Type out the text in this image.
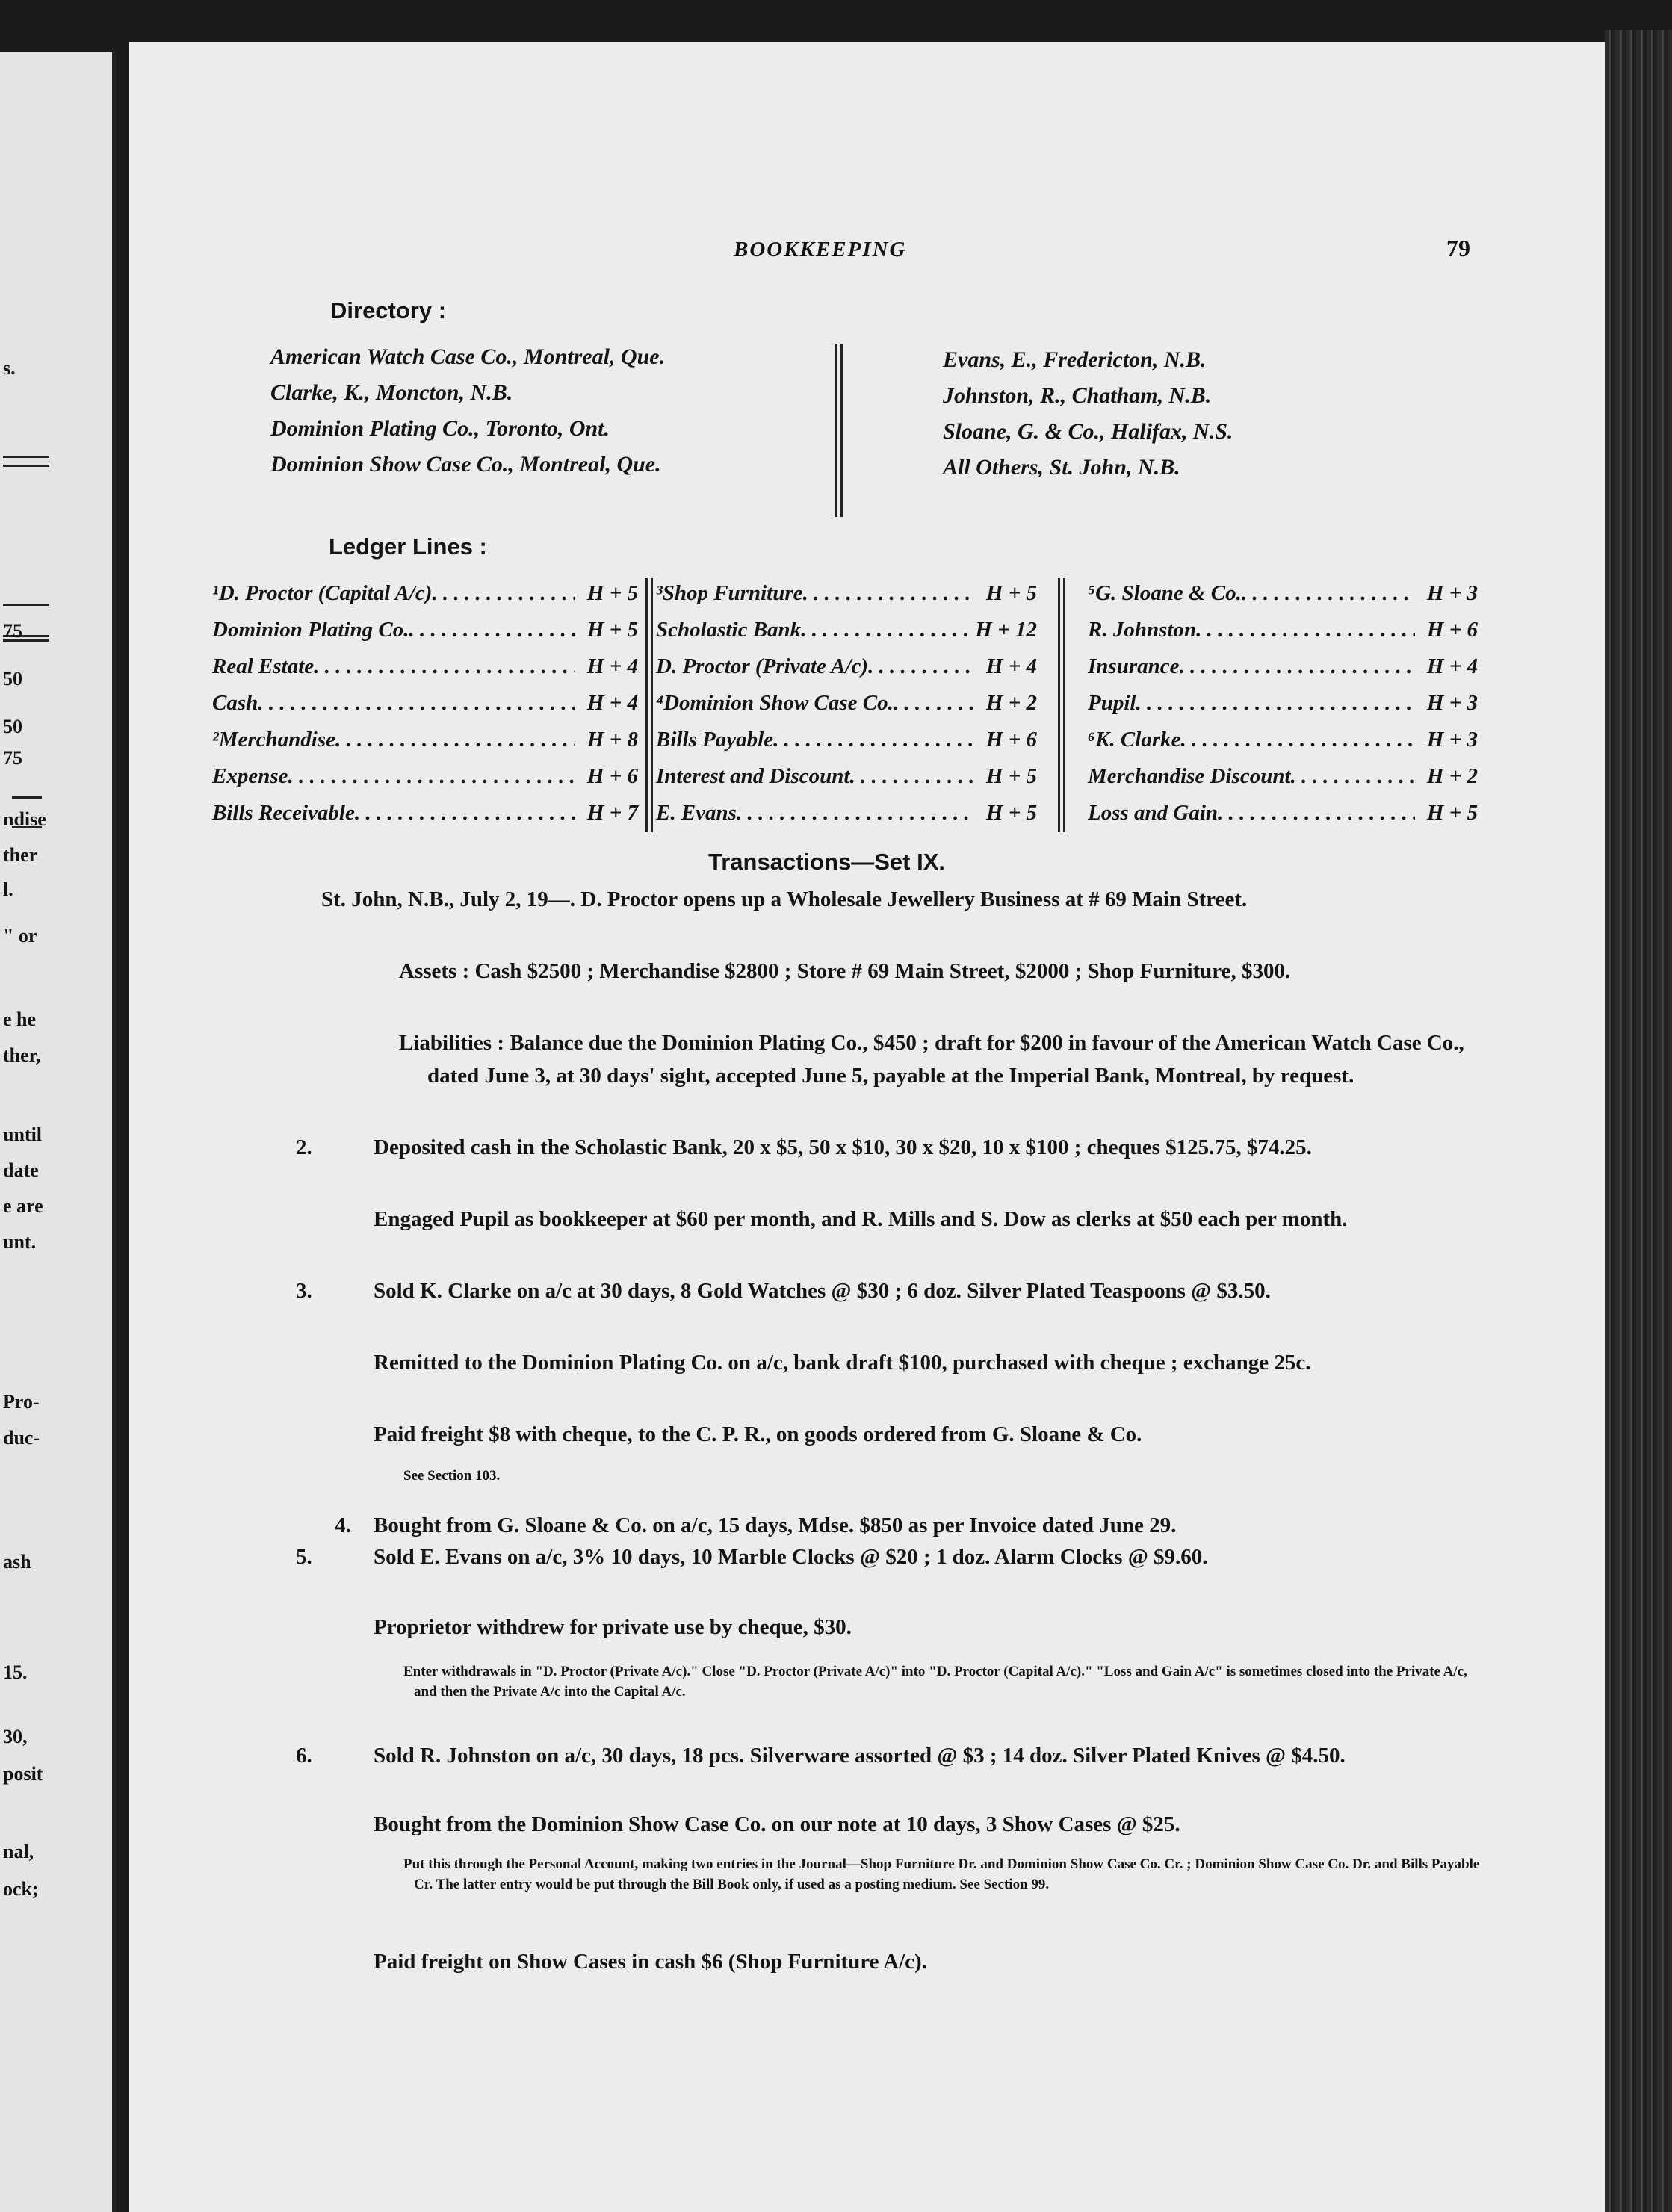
s.
75
50
50
75
ndise
ther
l.
" or
e he
ther,
until
date
e are
unt.
Pro-
duc-
ash
15.
30,
posit
nal,
ock;
BOOKKEEPING	79
Directory :
American Watch Case Co., Montreal, Que.
Clarke, K., Moncton, N.B.
Dominion Plating Co., Toronto, Ont.
Dominion Show Case Co., Montreal, Que.
Evans, E., Fredericton, N.B.
Johnston, R., Chatham, N.B.
Sloane, G. & Co., Halifax, N.S.
All Others, St. John, N.B.
Ledger Lines :
¹D. Proctor (Capital A/c) . . .	H + 5
Dominion Plating Co. . . .	H + 5
Real Estate . . .	H + 4
Cash . . .	H + 4
²Merchandise . . .	H + 8
Expense . . .	H + 6
Bills Receivable . . .	H + 7
³Shop Furniture . . .	H + 5
Scholastic Bank . . .	H + 12
D. Proctor (Private A/c) . . .	H + 4
⁴Dominion Show Case Co. . . .	H + 2
Bills Payable . . .	H + 6
Interest and Discount . . .	H + 5
E. Evans . . .	H + 5
⁵G. Sloane & Co. . . .	H + 3
R. Johnston . . .	H + 6
Insurance . . .	H + 4
Pupil . . .	H + 3
⁶K. Clarke . . .	H + 3
Merchandise Discount . . .	H + 2
Loss and Gain . . .	H + 5
Transactions—Set IX.
St. John, N.B., July 2, 19—. D. Proctor opens up a Wholesale Jewellery Business at # 69 Main Street.
Assets : Cash $2500 ; Merchandise $2800 ; Store # 69 Main Street, $2000 ; Shop Furniture, $300.
Liabilities : Balance due the Dominion Plating Co., $450 ; draft for $200 in favour of the American Watch Case Co., dated June 3, at 30 days' sight, accepted June 5, payable at the Imperial Bank, Montreal, by request.
2.	Deposited cash in the Scholastic Bank, 20 x $5, 50 x $10, 30 x $20, 10 x $100 ; cheques $125.75, $74.25.
Engaged Pupil as bookkeeper at $60 per month, and R. Mills and S. Dow as clerks at $50 each per month.
3.	Sold K. Clarke on a/c at 30 days, 8 Gold Watches @ $30 ; 6 doz. Silver Plated Teaspoons @ $3.50.
Remitted to the Dominion Plating Co. on a/c, bank draft $100, purchased with cheque ; exchange 25c.
Paid freight $8 with cheque, to the C. P. R., on goods ordered from G. Sloane & Co.
See Section 103.
4. Bought from G. Sloane & Co. on a/c, 15 days, Mdse. $850 as per Invoice dated June 29.
5.	Sold E. Evans on a/c, 3% 10 days, 10 Marble Clocks @ $20 ; 1 doz. Alarm Clocks @ $9.60.
Proprietor withdrew for private use by cheque, $30.
Enter withdrawals in "D. Proctor (Private A/c)." Close "D. Proctor (Private A/c)" into "D. Proctor (Capital A/c)." "Loss and Gain A/c" is sometimes closed into the Private A/c, and then the Private A/c into the Capital A/c.
6.	Sold R. Johnston on a/c, 30 days, 18 pcs. Silverware assorted @ $3 ; 14 doz. Silver Plated Knives @ $4.50.
Bought from the Dominion Show Case Co. on our note at 10 days, 3 Show Cases @ $25.
Put this through the Personal Account, making two entries in the Journal—Shop Furniture Dr. and Dominion Show Case Co. Cr. ; Dominion Show Case Co. Dr. and Bills Payable Cr. The latter entry would be put through the Bill Book only, if used as a posting medium. See Section 99.
Paid freight on Show Cases in cash $6 (Shop Furniture A/c).
